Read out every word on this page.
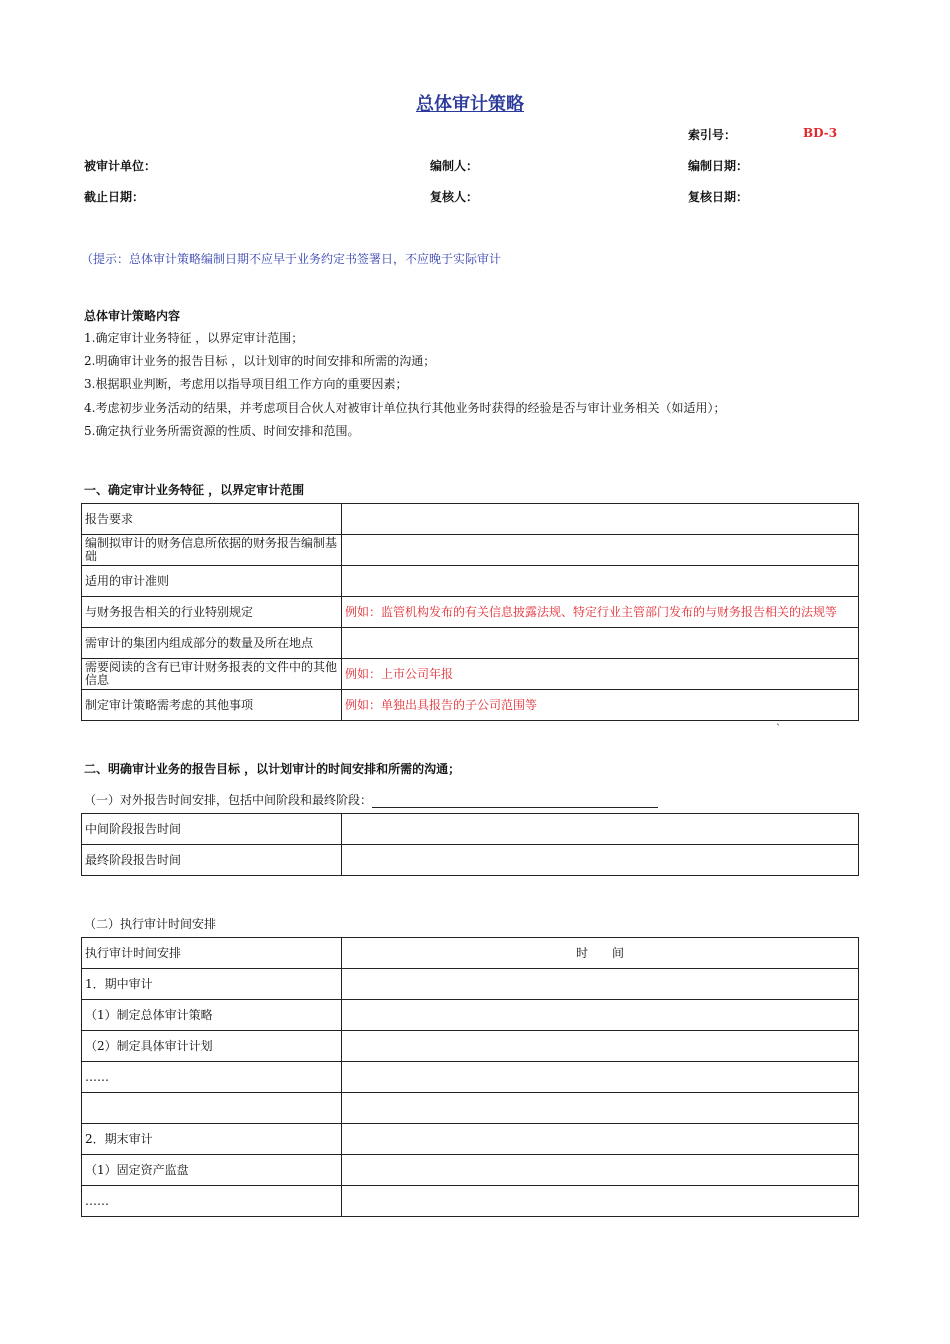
总体审计策略
索引号：	BD-3
被审计单位：	编制人：	编制日期：
截止日期：	复核人：	复核日期：
（提示：总体审计策略编制日期不应早于业务约定书签署日，不应晚于实际审计
总体审计策略内容
1.确定审计业务特征 ，以界定审计范围；
2.明确审计业务的报告目标 ，以计划审的时间安排和所需的沟通；
3.根据职业判断，考虑用以指导项目组工作方向的重要因素；
4.考虑初步业务活动的结果，并考虑项目合伙人对被审计单位执行其他业务时获得的经验是否与审计业务相关（如适用）；
5.确定执行业务所需资源的性质、时间安排和范围。
一、确定审计业务特征 ，以界定审计范围
报告要求	
编制拟审计的财务信息所依据的财务报告编制基础	
适用的审计准则	
与财务报告相关的行业特别规定	例如：监管机构发布的有关信息披露法规、特定行业主管部门发布的与财务报告相关的法规等
需审计的集团内组成部分的数量及所在地点	
需要阅读的含有已审计财务报表的文件中的其他信息	例如：上市公司年报
制定审计策略需考虑的其他事项	例如：单独出具报告的子公司范围等
`
二、明确审计业务的报告目标 ，以计划审计的时间安排和所需的沟通；
（一）对外报告时间安排，包括中间阶段和最终阶段：
中间阶段报告时间	
最终阶段报告时间	
（二）执行审计时间安排
执行审计时间安排	时　　间
1．期中审计	
（1）制定总体审计策略	
（2）制定具体审计计划	
……	

2．期末审计	
（1）固定资产监盘	
……	
